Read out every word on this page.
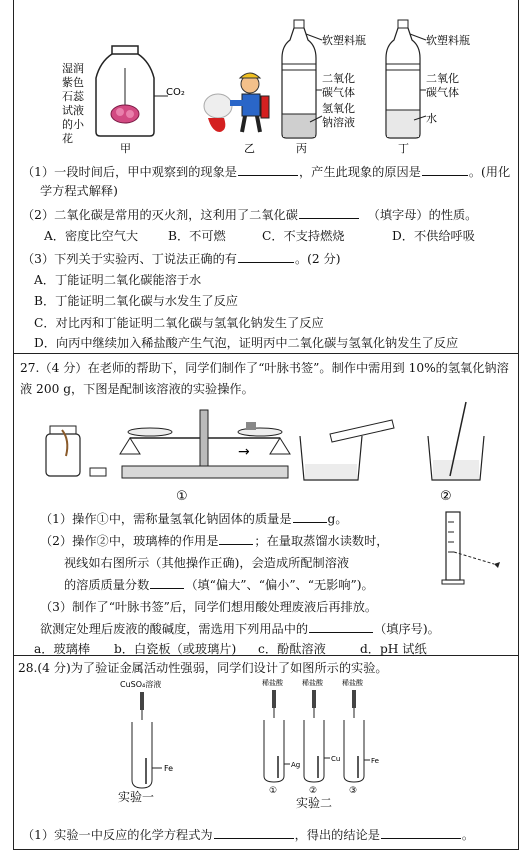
CO₂
湿润
紫色
石蕊
试液
的小
花
甲	乙
软塑料瓶
二氧化
碳气体
氢氧化
钠溶液
丙
软塑料瓶
二氧化
碳气体
水
丁
（1）一段时间后，甲中观察到的现象是	，产生此现象的原因是	。(用化
学方程式解释)
（2）二氧化碳是常用的灭火剂，这利用了二氧化碳	（填字母）的性质。
A．密度比空气大 B．不可燃	C．不支持燃烧	D．不供给呼吸
（3）下列关于实验丙、丁说法正确的有	。(2 分)
A．丁能证明二氧化碳能溶于水
B．丁能证明二氧化碳与水发生了反应
C．对比丙和丁能证明二氧化碳与氢氧化钠发生了反应
D．向丙中继续加入稀盐酸产生气泡，证明丙中二氧化碳与氢氧化钠发生了反应
27.（4 分）在老师的帮助下，同学们制作了“叶脉书签”。制作中需用到 10%的氢氧化钠溶
液 200 g，下图是配制该溶液的实验操作。
→
①	②
（1）操作①中，需称量氢氧化钠固体的质量是	g。
（2）操作②中，玻璃棒的作用是	；在量取蒸馏水读数时，
视线如右图所示（其他操作正确)，会造成所配制溶液
的溶质质量分数	（填“偏大”、“偏小”、“无影响”)。
（3）制作了“叶脉书签”后，同学们想用酸处理废液后再排放。
欲测定处理后废液的酸碱度，需选用下列用品中的	（填序号)。
a．玻璃棒 b．白瓷板（或玻璃片) c．酚酞溶液	d．pH 试纸
28.(4 分)为了验证金属活动性强弱，同学们设计了如图所示的实验。
CuSO₄溶液
Fe
实验一
稀盐酸	稀盐酸	稀盐酸
Ag
Cu	Fe
①	②	③
实验二
（1）实验一中反应的化学方程式为	，得出的结论是	。
